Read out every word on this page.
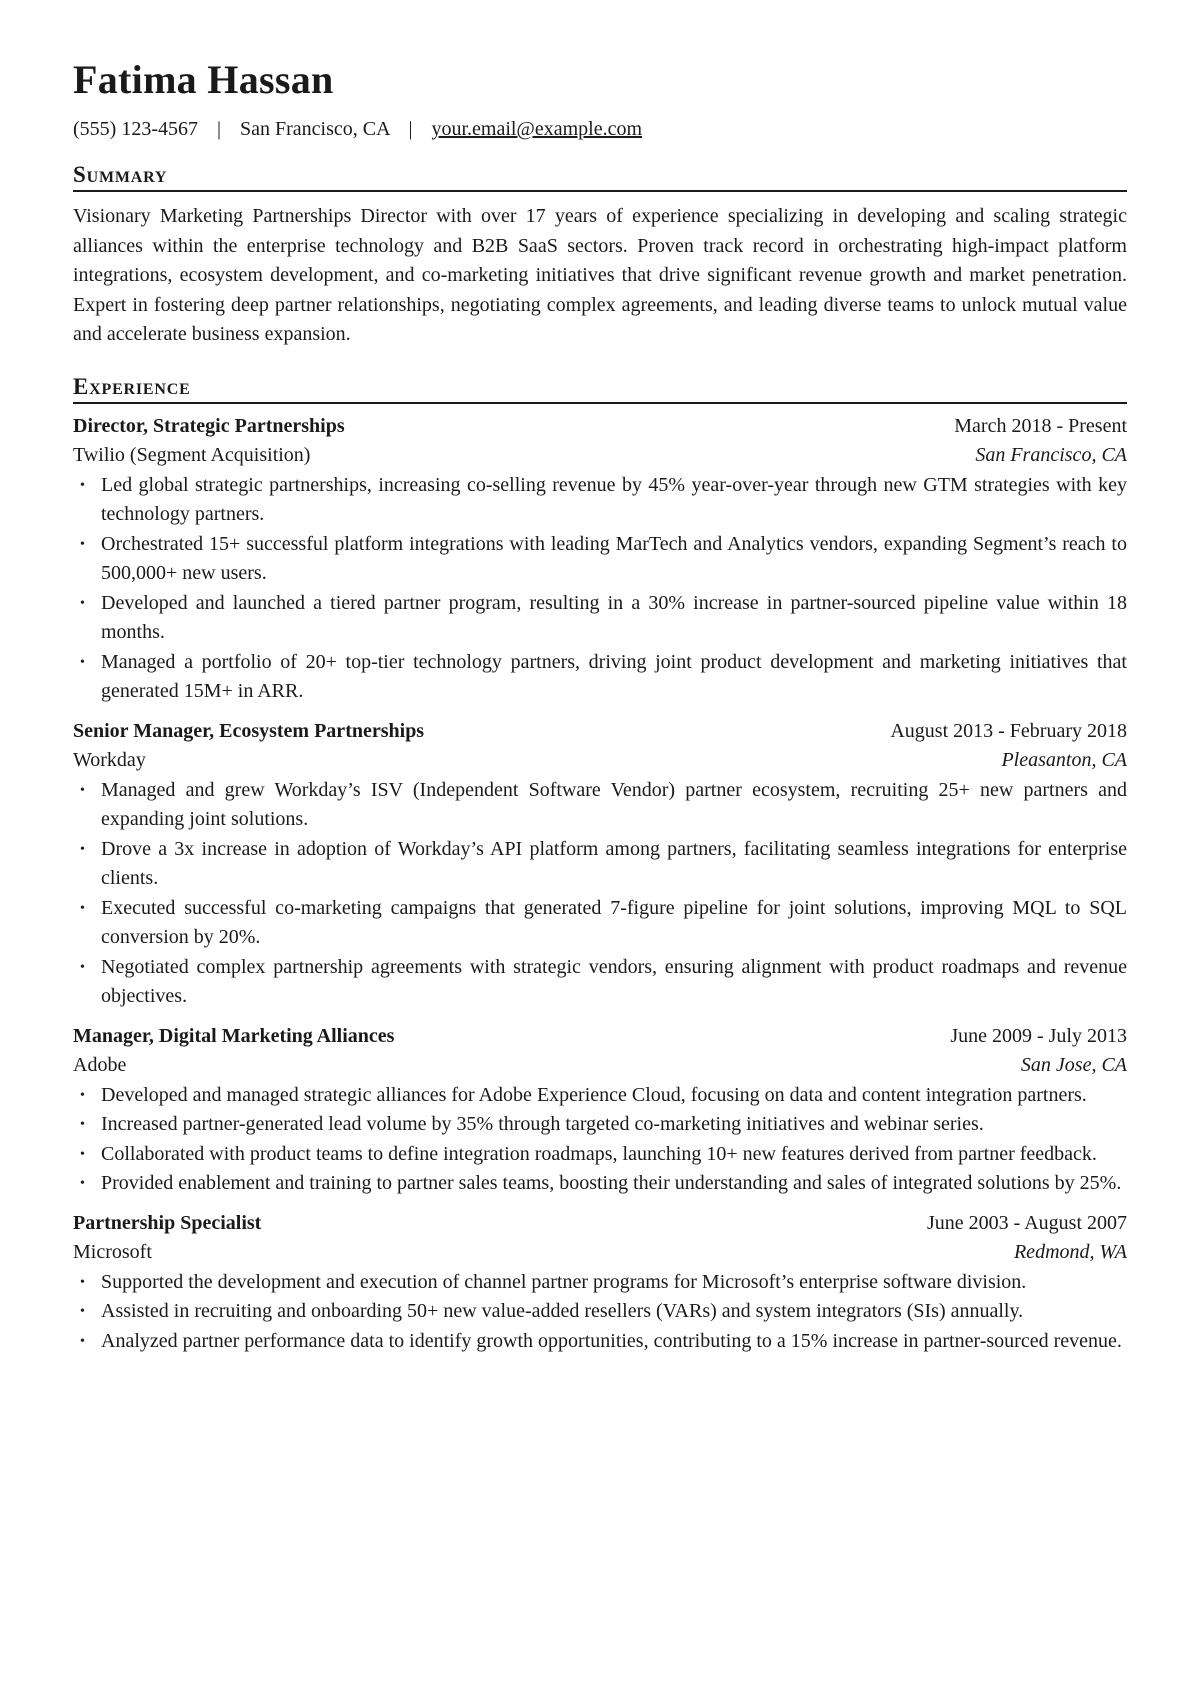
Fatima Hassan
(555) 123-4567 | San Francisco, CA | your.email@example.com
Summary

Visionary Marketing Partnerships Director with over 17 years of experience specializing in developing and scaling strategic alliances within the enterprise technology and B2B SaaS sectors. Proven track record in orchestrating high-impact platform integrations, ecosystem development, and co-marketing initiatives that drive significant revenue growth and market penetration. Expert in fostering deep partner relationships, negotiating complex agreements, and leading diverse teams to unlock mutual value and accelerate business expansion.

Experience
Director, Strategic Partnerships	March 2018 - Present
Twilio (Segment Acquisition)	San Francisco, CA
• Led global strategic partnerships, increasing co-selling revenue by 45% year-over-year through new GTM strategies with key technology partners.
• Orchestrated 15+ successful platform integrations with leading MarTech and Analytics vendors, expanding Segment’s reach to 500,000+ new users.
• Developed and launched a tiered partner program, resulting in a 30% increase in partner-sourced pipeline value within 18 months.
• Managed a portfolio of 20+ top-tier technology partners, driving joint product development and marketing initiatives that generated 15M+ in ARR.
Senior Manager, Ecosystem Partnerships	August 2013 - February 2018
Workday	Pleasanton, CA
• Managed and grew Workday’s ISV (Independent Software Vendor) partner ecosystem, recruiting 25+ new partners and expanding joint solutions.
• Drove a 3x increase in adoption of Workday’s API platform among partners, facilitating seamless integrations for enterprise clients.
• Executed successful co-marketing campaigns that generated 7-figure pipeline for joint solutions, improving MQL to SQL conversion by 20%.
• Negotiated complex partnership agreements with strategic vendors, ensuring alignment with product roadmaps and revenue objectives.
Manager, Digital Marketing Alliances	June 2009 - July 2013
Adobe	San Jose, CA
• Developed and managed strategic alliances for Adobe Experience Cloud, focusing on data and content integration partners.
• Increased partner-generated lead volume by 35% through targeted co-marketing initiatives and webinar series.
• Collaborated with product teams to define integration roadmaps, launching 10+ new features derived from partner feedback.
• Provided enablement and training to partner sales teams, boosting their understanding and sales of integrated solutions by 25%.
Partnership Specialist	June 2003 - August 2007
Microsoft	Redmond, WA
• Supported the development and execution of channel partner programs for Microsoft’s enterprise software division.
• Assisted in recruiting and onboarding 50+ new value-added resellers (VARs) and system integrators (SIs) annually.
• Analyzed partner performance data to identify growth opportunities, contributing to a 15% increase in partner-sourced revenue.
